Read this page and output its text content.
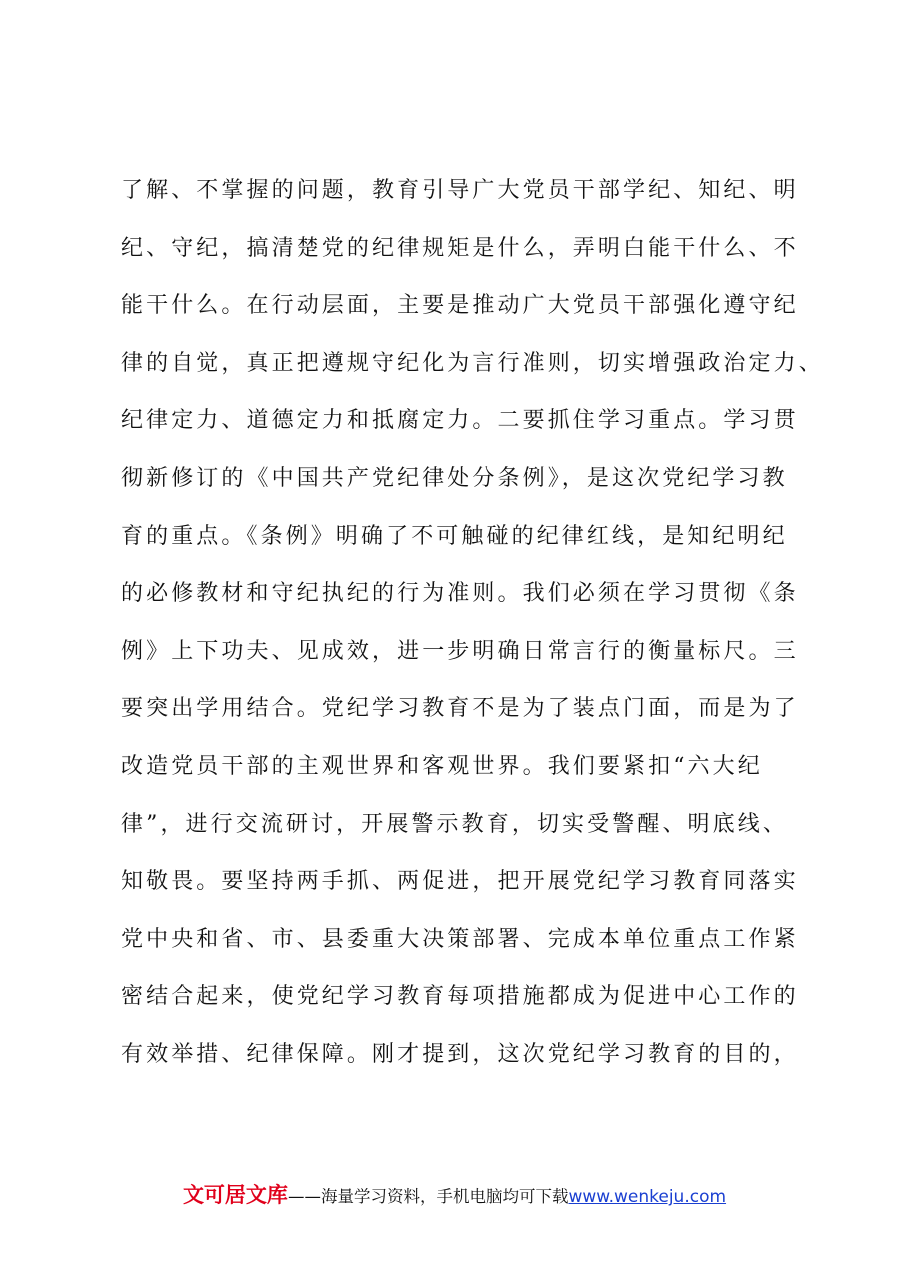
了解、不掌握的问题，教育引导广大党员干部学纪、知纪、明
纪、守纪，搞清楚党的纪律规矩是什么，弄明白能干什么、不
能干什么。在行动层面，主要是推动广大党员干部强化遵守纪
律的自觉，真正把遵规守纪化为言行准则，切实增强政治定力、
纪律定力、道德定力和抵腐定力。二要抓住学习重点。学习贯
彻新修订的《中国共产党纪律处分条例》，是这次党纪学习教
育的重点。《条例》明确了不可触碰的纪律红线，是知纪明纪
的必修教材和守纪执纪的行为准则。我们必须在学习贯彻《条
例》上下功夫、见成效，进一步明确日常言行的衡量标尺。三
要突出学用结合。党纪学习教育不是为了装点门面，而是为了
改造党员干部的主观世界和客观世界。我们要紧扣“六大纪
律”，进行交流研讨，开展警示教育，切实受警醒、明底线、
知敬畏。要坚持两手抓、两促进，把开展党纪学习教育同落实
党中央和省、市、县委重大决策部署、完成本单位重点工作紧
密结合起来，使党纪学习教育每项措施都成为促进中心工作的
有效举措、纪律保障。刚才提到，这次党纪学习教育的目的，
文可居文库——海量学习资料，手机电脑均可下载www.wenkeju.com
